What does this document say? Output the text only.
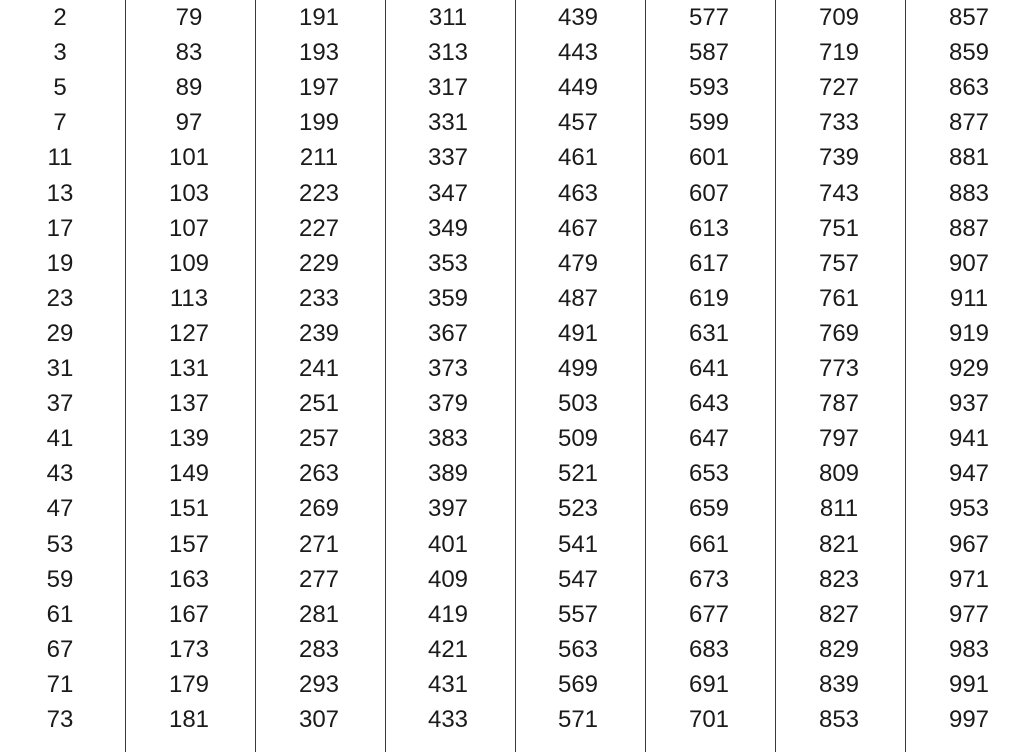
2
3
5
7
11
13
17
19
23
29
31
37
41
43
47
53
59
61
67
71
73
79
83
89
97
101
103
107
109
113
127
131
137
139
149
151
157
163
167
173
179
181
191
193
197
199
211
223
227
229
233
239
241
251
257
263
269
271
277
281
283
293
307
311
313
317
331
337
347
349
353
359
367
373
379
383
389
397
401
409
419
421
431
433
439
443
449
457
461
463
467
479
487
491
499
503
509
521
523
541
547
557
563
569
571
577
587
593
599
601
607
613
617
619
631
641
643
647
653
659
661
673
677
683
691
701
709
719
727
733
739
743
751
757
761
769
773
787
797
809
811
821
823
827
829
839
853
857
859
863
877
881
883
887
907
911
919
929
937
941
947
953
967
971
977
983
991
997
